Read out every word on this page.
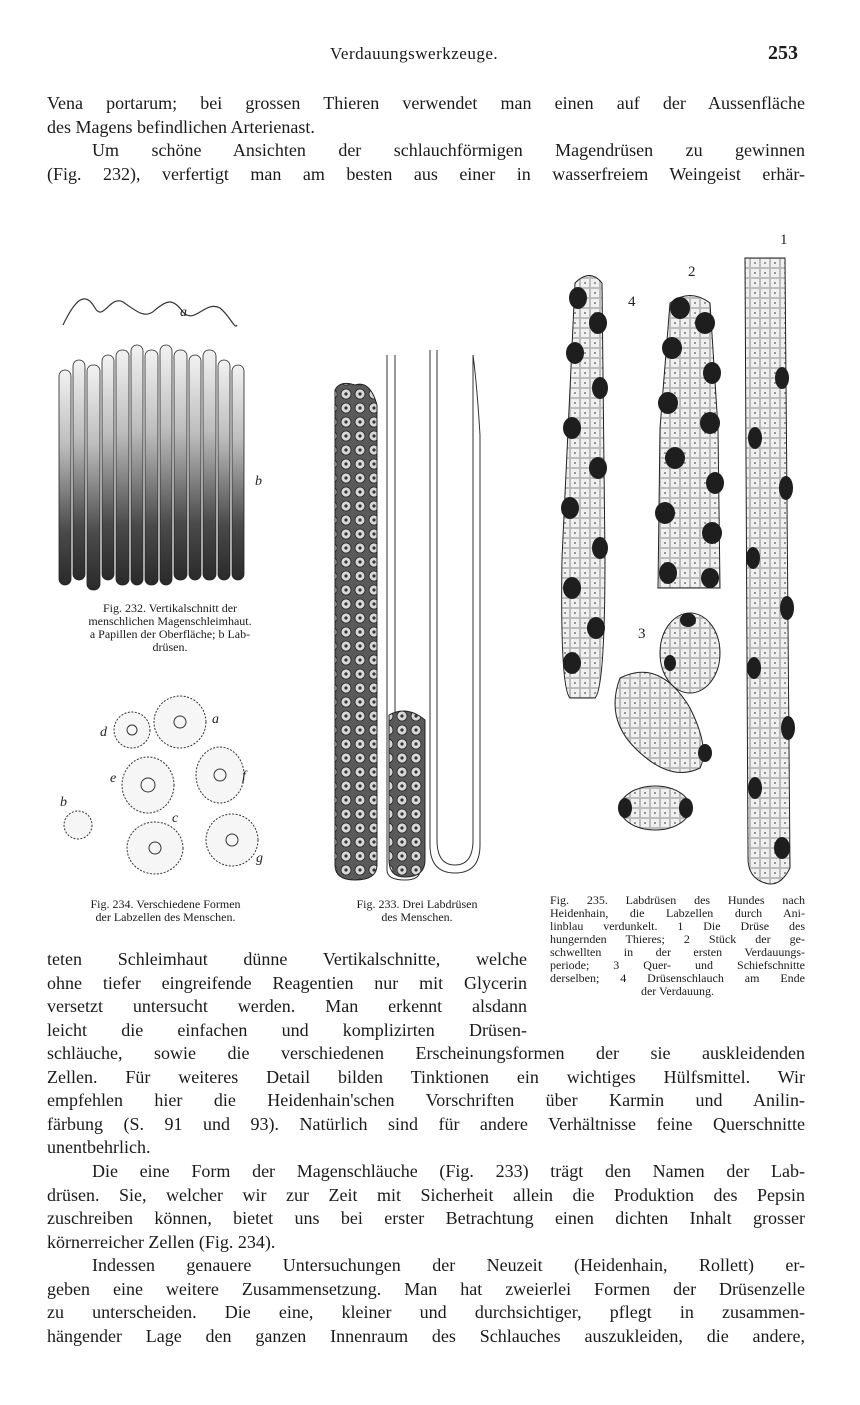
Verdauungswerkzeuge.	253
Vena portarum; bei grossen Thieren verwendet man einen auf der Aussenfläche
des Magens befindlichen Arterienast.
Um schöne Ansichten der schlauchförmigen Magendrüsen zu gewinnen
(Fig. 232), verfertigt man am besten aus einer in wasserfreiem Weingeist erhär-
a
b
Fig. 232. Vertikalschnitt der
menschlichen Magenschleimhaut.
a Papillen der Oberfläche; b Lab-
drüsen.
d
a
e	f
b
c
g
Fig. 234. Verschiedene Formen
der Labzellen des Menschen.
Fig. 233. Drei Labdrüsen
des Menschen.
1
2
3
4
Fig. 235. Labdrüsen des Hundes nach
Heidenhain, die Labzellen durch Ani-
linblau verdunkelt. 1 Die Drüse des
hungernden Thieres; 2 Stück der ge-
schwellten in der ersten Verdauungs-
periode; 3 Quer- und Schiefschnitte
derselben; 4 Drüsenschlauch am Ende
der Verdauung.
teten Schleimhaut dünne Vertikalschnitte, welche
ohne tiefer eingreifende Reagentien nur mit Glycerin
versetzt untersucht werden. Man erkennt alsdann
leicht die einfachen und komplizirten Drüsen-
schläuche, sowie die verschiedenen Erscheinungsformen der sie auskleidenden
Zellen. Für weiteres Detail bilden Tinktionen ein wichtiges Hülfsmittel. Wir
empfehlen hier die Heidenhain'schen Vorschriften über Karmin und Anilin-
färbung (S. 91 und 93). Natürlich sind für andere Verhältnisse feine Querschnitte
unentbehrlich.
Die eine Form der Magenschläuche (Fig. 233) trägt den Namen der Lab-
drüsen. Sie, welcher wir zur Zeit mit Sicherheit allein die Produktion des Pepsin
zuschreiben können, bietet uns bei erster Betrachtung einen dichten Inhalt grosser
körnerreicher Zellen (Fig. 234).
Indessen genauere Untersuchungen der Neuzeit (Heidenhain, Rollett) er-
geben eine weitere Zusammensetzung. Man hat zweierlei Formen der Drüsenzelle
zu unterscheiden. Die eine, kleiner und durchsichtiger, pflegt in zusammen-
hängender Lage den ganzen Innenraum des Schlauches auszukleiden, die andere,
